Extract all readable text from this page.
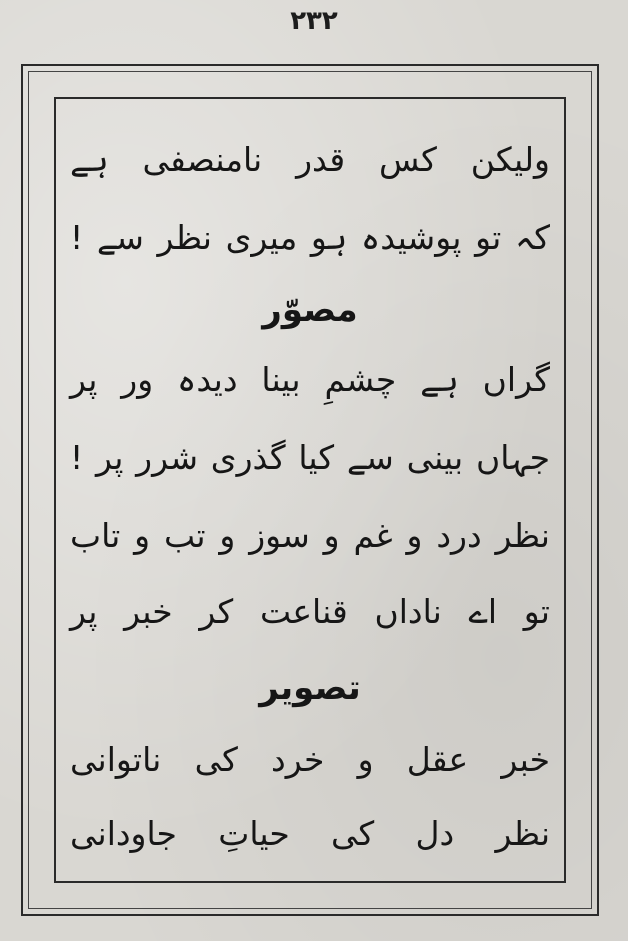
۲۳۲
ولیکن کس قدر نامنصفی ہے
کہ تو پوشیدہ ہو میری نظر سے !
مصوّر
گراں ہے چشمِ بینا دیدہ ور پر
جہاں بینی سے کیا گذری شرر پر !
نظر درد و غم و سوز و تب و تاب
تو اے ناداں قناعت کر خبر پر
تصویر
خبر عقل و خرد کی ناتوانی
نظر دل کی حیاتِ جاودانی
